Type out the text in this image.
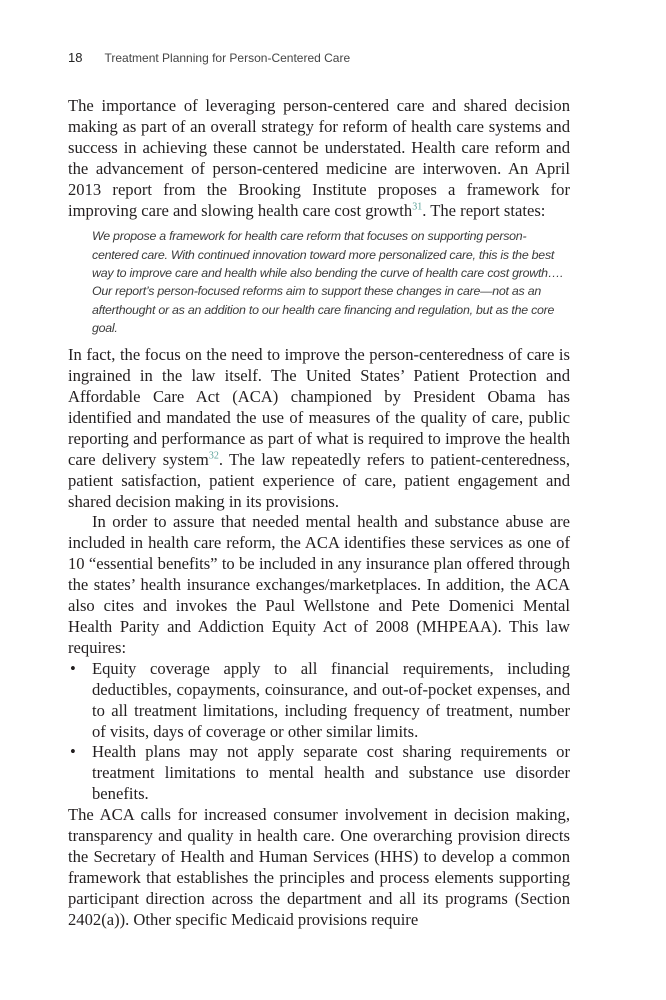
18 Treatment Planning for Person-Centered Care

The importance of leveraging person-centered care and shared decision making as part of an overall strategy for reform of health care systems and success in achieving these cannot be understated. Health care reform and the advancement of person-centered medicine are interwoven. An April 2013 report from the Brooking Institute proposes a framework for improving care and slowing health care cost growth$^{31}$. The report states:

We propose a framework for health care reform that focuses on supporting person-centered care. With continued innovation toward more personalized care, this is the best way to improve care and health while also bending the curve of health care cost growth…. Our report’s person-focused reforms aim to support these changes in care—not as an afterthought or as an addition to our health care financing and regulation, but as the core goal.

In fact, the focus on the need to improve the person-centeredness of care is ingrained in the law itself. The United States’ Patient Protection and Affordable Care Act (ACA) championed by President Obama has identified and mandated the use of measures of the quality of care, public reporting and performance as part of what is required to improve the health care delivery system$^{32}$. The law repeatedly refers to patient-centeredness, patient satisfaction, patient experience of care, patient engagement and shared decision making in its provisions.

In order to assure that needed mental health and substance abuse are included in health care reform, the ACA identifies these services as one of 10 “essential benefits” to be included in any insurance plan offered through the states’ health insurance exchanges/marketplaces. In addition, the ACA also cites and invokes the Paul Wellstone and Pete Domenici Mental Health Parity and Addiction Equity Act of 2008 (MHPEAA). This law requires:

• Equity coverage apply to all financial requirements, including deductibles, copayments, coinsurance, and out-of-pocket expenses, and to all treatment limitations, including frequency of treatment, number of visits, days of coverage or other similar limits.
• Health plans may not apply separate cost sharing requirements or treatment limitations to mental health and substance use disorder benefits.

The ACA calls for increased consumer involvement in decision making, transparency and quality in health care. One overarching provision directs the Secretary of Health and Human Services (HHS) to develop a common framework that establishes the principles and process elements supporting participant direction across the department and all its programs (Section 2402(a)). Other specific Medicaid provisions require
